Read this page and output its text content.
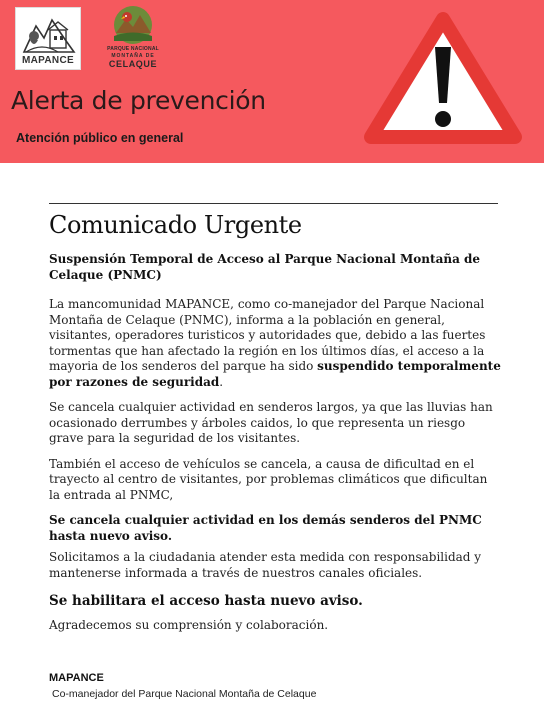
MAPANCE
PARQUE NACIONAL
MONTAÑA DE
CELAQUE
Alerta de prevención
Atención público en general
Comunicado Urgente
Suspensión Temporal de Acceso al Parque Nacional Montaña de Celaque (PNMC)

La mancomunidad MAPANCE, como co-manejador del Parque Nacional Montaña de Celaque (PNMC), informa a la población en general, visitantes, operadores turisticos y autoridades que, debido a las fuertes tormentas que han afectado la región en los últimos días, el acceso a la mayoria de los senderos del parque ha sido suspendido temporalmente por razones de seguridad.

Se cancela cualquier actividad en senderos largos, ya que las lluvias han ocasionado derrumbes y árboles caidos, lo que representa un riesgo grave para la seguridad de los visitantes.

También el acceso de vehículos se cancela, a causa de dificultad en el trayecto al centro de visitantes, por problemas climáticos que dificultan la entrada al PNMC,

Se cancela cualquier actividad en los demás senderos del PNMC hasta nuevo aviso.

Solicitamos a la ciudadania atender esta medida con responsabilidad y mantenerse informada a través de nuestros canales oficiales.

Se habilitara el acceso hasta nuevo aviso.

Agradecemos su comprensión y colaboración.

MAPANCE
Co-manejador del Parque Nacional Montaña de Celaque
